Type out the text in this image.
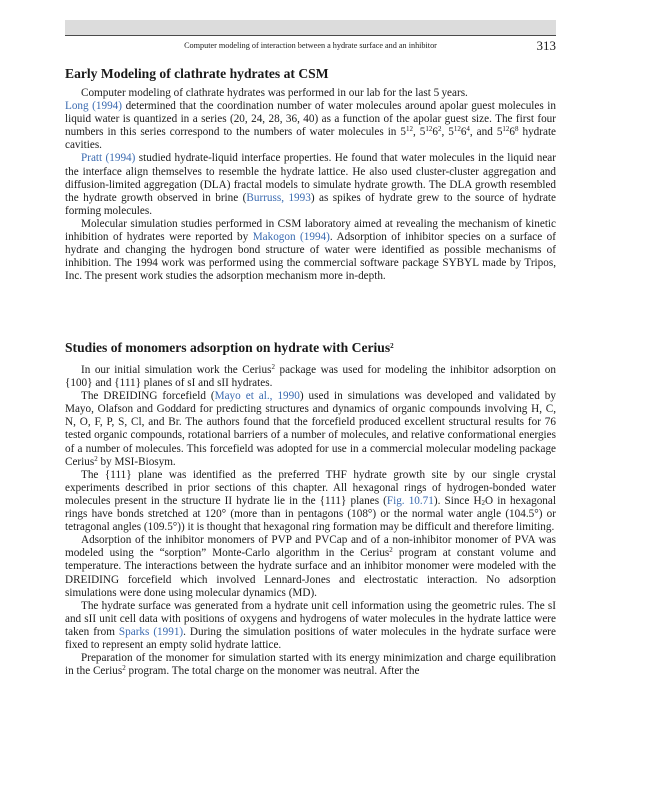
Computer modeling of interaction between a hydrate surface and an inhibitor	313
Early Modeling of clathrate hydrates at CSM

Computer modeling of clathrate hydrates was performed in our lab for the last 5 years.
Long (1994) determined that the coordination number of water molecules around apolar guest molecules in liquid water is quantized in a series (20, 24, 28, 36, 40) as a function of the apolar guest size. The first four numbers in this series correspond to the numbers of water molecules in $5^{12}$, $5^{12}6^2$, $5^{12}6^4$, and $5^{12}6^8$ hydrate cavities.

Pratt (1994) studied hydrate-liquid interface properties. He found that water molecules in the liquid near the interface align themselves to resemble the hydrate lattice. He also used cluster-cluster aggregation and diffusion-limited aggregation (DLA) fractal models to simulate hydrate growth. The DLA growth resembled the hydrate growth observed in brine (Burruss, 1993) as spikes of hydrate grew to the source of hydrate forming molecules.

Molecular simulation studies performed in CSM laboratory aimed at revealing the mechanism of kinetic inhibition of hydrates were reported by Makogon (1994). Adsorption of inhibitor species on a surface of hydrate and changing the hydrogen bond structure of water were identified as possible mechanisms of inhibition. The 1994 work was performed using the commercial software package SYBYL made by Tripos, Inc. The present work studies the adsorption mechanism more in-depth.

Studies of monomers adsorption on hydrate with Cerius$^2$

In our initial simulation work the Cerius$^2$ package was used for modeling the inhibitor adsorption on {100} and {111} planes of sI and sII hydrates.

The DREIDING forcefield (Mayo et al., 1990) used in simulations was developed and validated by Mayo, Olafson and Goddard for predicting structures and dynamics of organic compounds involving H, C, N, O, F, P, S, Cl, and Br. The authors found that the forcefield produced excellent structural results for 76 tested organic compounds, rotational barriers of a number of molecules, and relative conformational energies of a number of molecules. This forcefield was adopted for use in a commercial molecular modeling package Cerius$^2$ by MSI-Biosym.

The {111} plane was identified as the preferred THF hydrate growth site by our single crystal experiments described in prior sections of this chapter. All hexagonal rings of hydrogen-bonded water molecules present in the structure II hydrate lie in the {111} planes (Fig. 10.71). Since $H_2O$ in hexagonal rings have bonds stretched at 120° (more than in pentagons (108°) or the normal water angle (104.5°) or tetragonal angles (109.5°)) it is thought that hexagonal ring formation may be difficult and therefore limiting.

Adsorption of the inhibitor monomers of PVP and PVCap and of a non-inhibitor monomer of PVA was modeled using the “sorption” Monte-Carlo algorithm in the Cerius$^2$ program at constant volume and temperature. The interactions between the hydrate surface and an inhibitor monomer were modeled with the DREIDING forcefield which involved Lennard-Jones and electrostatic interaction. No adsorption simulations were done using molecular dynamics (MD).

The hydrate surface was generated from a hydrate unit cell information using the geometric rules. The sI and sII unit cell data with positions of oxygens and hydrogens of water molecules in the hydrate lattice were taken from Sparks (1991). During the simulation positions of water molecules in the hydrate surface were fixed to represent an empty solid hydrate lattice.

Preparation of the monomer for simulation started with its energy minimization and charge equilibration in the Cerius$^2$ program. The total charge on the monomer was neutral. After the
